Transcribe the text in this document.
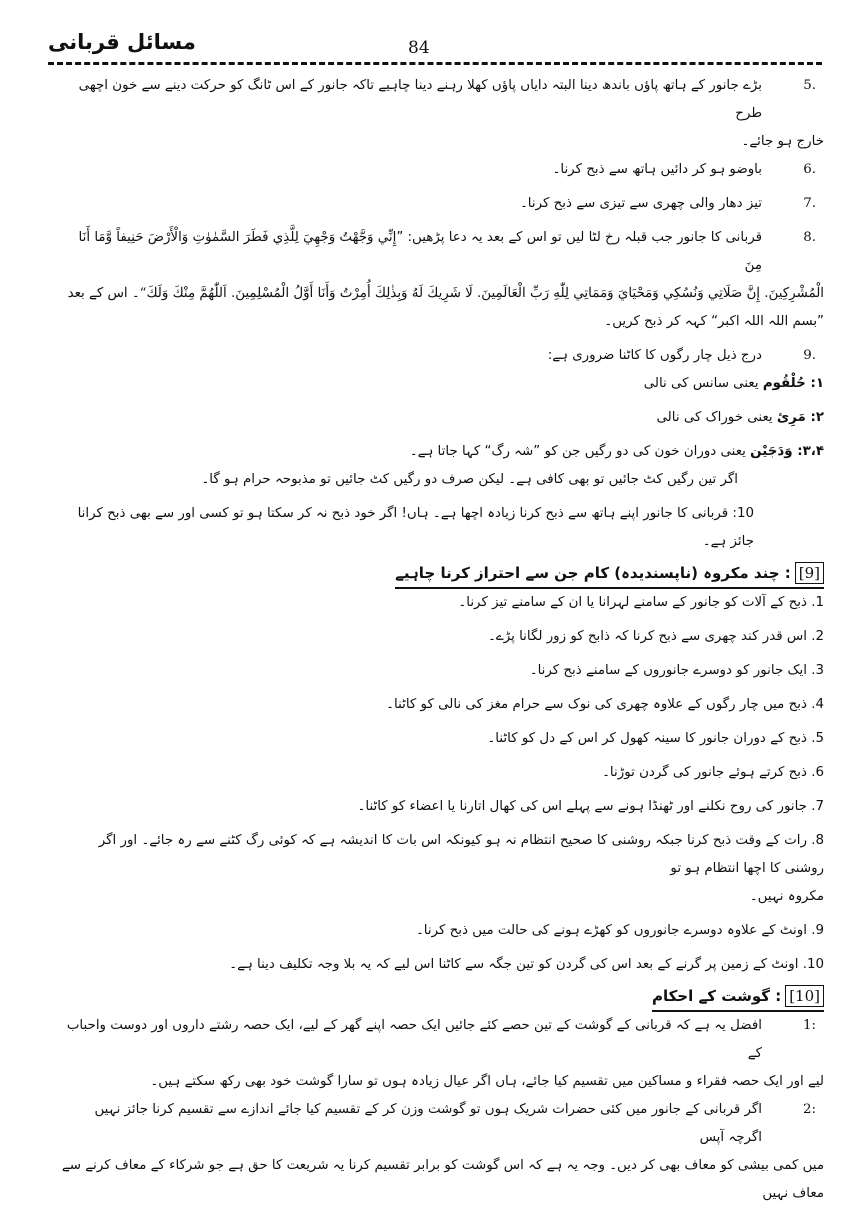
مسائل قربانی	84
5.
بڑے جانور کے ہاتھ پاؤں باندھ دینا البتہ دایاں پاؤں کھلا رہنے دینا چاہیے تاکہ جانور کے اس ٹانگ کو حرکت دینے سے خون اچھی طرح
خارج ہو جائے۔
6.
باوضو ہو کر دائیں ہاتھ سے ذبح کرنا۔
7.
تیز دھار والی چھری سے تیزی سے ذبح کرنا۔
8.
قربانی کا جانور جب قبلہ رخ لٹا لیں تو اس کے بعد یہ دعا پڑھیں: ”إِنِّي وَجَّهْتُ وَجْهِيَ لِلَّذِي فَطَرَ السَّمٰوٰتِ وَالْأَرْضَ حَنِيفاً وَّمَا أَنَا مِنَ
الْمُشْرِكِينَ. إِنَّ صَلَاتِي وَنُسُكِي وَمَحْيَايَ وَمَمَاتِي لِلّٰهِ رَبِّ الْعَالَمِينَ. لَا شَرِيكَ لَهُ وَبِذٰلِكَ أُمِرْتُ وَأَنَا أَوَّلُ الْمُسْلِمِينَ. اَللّٰهُمَّ مِنْكَ وَلَكَ“۔ اس کے بعد
”بسم اللہ اللہ اکبر“ کہہ کر ذبح کریں۔
9.
درج ذیل چار رگوں کا کاٹنا ضروری ہے:
۱: حُلْقُوم یعنی سانس کی نالی
۲: مَرِیٔ یعنی خوراک کی نالی
۳،۴: وَدَجَیْن یعنی دوران خون کی دو رگیں جن کو ”شہ رگ“ کہا جاتا ہے۔
اگر تین رگیں کٹ جائیں تو بھی کافی ہے۔ لیکن صرف دو رگیں کٹ جائیں تو مذبوحہ حرام ہو گا۔
10: قربانی کا جانور اپنے ہاتھ سے ذبح کرنا زیادہ اچھا ہے۔ ہاں! اگر خود ذبح نہ کر سکتا ہو تو کسی اور سے بھی ذبح کرانا جائز ہے۔
[9]: چند مکروہ (ناپسندیدہ) کام جن سے احتراز کرنا چاہیے
1. ذبح کے آلات کو جانور کے سامنے لہرانا یا ان کے سامنے تیز کرنا۔
2. اس قدر کند چھری سے ذبح کرنا کہ ذابح کو زور لگانا پڑے۔
3. ایک جانور کو دوسرے جانوروں کے سامنے ذبح کرنا۔
4. ذبح میں چار رگوں کے علاوہ چھری کی نوک سے حرام مغز کی نالی کو کاٹنا۔
5. ذبح کے دوران جانور کا سینہ کھول کر اس کے دل کو کاٹنا۔
6. ذبح کرتے ہوئے جانور کی گردن توڑنا۔
7. جانور کی روح نکلنے اور ٹھنڈا ہونے سے پہلے اس کی کھال اتارنا یا اعضاء کو کاٹنا۔
8. رات کے وقت ذبح کرنا جبکہ روشنی کا صحیح انتظام نہ ہو کیونکہ اس بات کا اندیشہ ہے کہ کوئی رگ کٹنے سے رہ جائے۔ اور اگر روشنی کا اچھا انتظام ہو تو
مکروہ نہیں۔
9. اونٹ کے علاوہ دوسرے جانوروں کو کھڑے ہونے کی حالت میں ذبح کرنا۔
10. اونٹ کے زمین پر گرنے کے بعد اس کی گردن کو تین جگہ سے کاٹنا اس لیے کہ یہ بلا وجہ تکلیف دینا ہے۔
[10]: گوشت کے احکام
1:
افضل یہ ہے کہ قربانی کے گوشت کے تین حصے کئے جائیں ایک حصہ اپنے گھر کے لیے، ایک حصہ رشتے داروں اور دوست واحباب کے
لیے اور ایک حصہ فقراء و مساکین میں تقسیم کیا جائے، ہاں اگر عیال زیادہ ہوں تو سارا گوشت خود بھی رکھ سکتے ہیں۔
2:
اگر قربانی کے جانور میں کئی حضرات شریک ہوں تو گوشت وزن کر کے تقسیم کیا جائے اندازے سے تقسیم کرنا جائز نہیں اگرچہ آپس
میں کمی بیشی کو معاف بھی کر دیں۔ وجہ یہ ہے کہ اس گوشت کو برابر تقسیم کرنا یہ شریعت کا حق ہے جو شرکاء کے معاف کرنے سے معاف نہیں
